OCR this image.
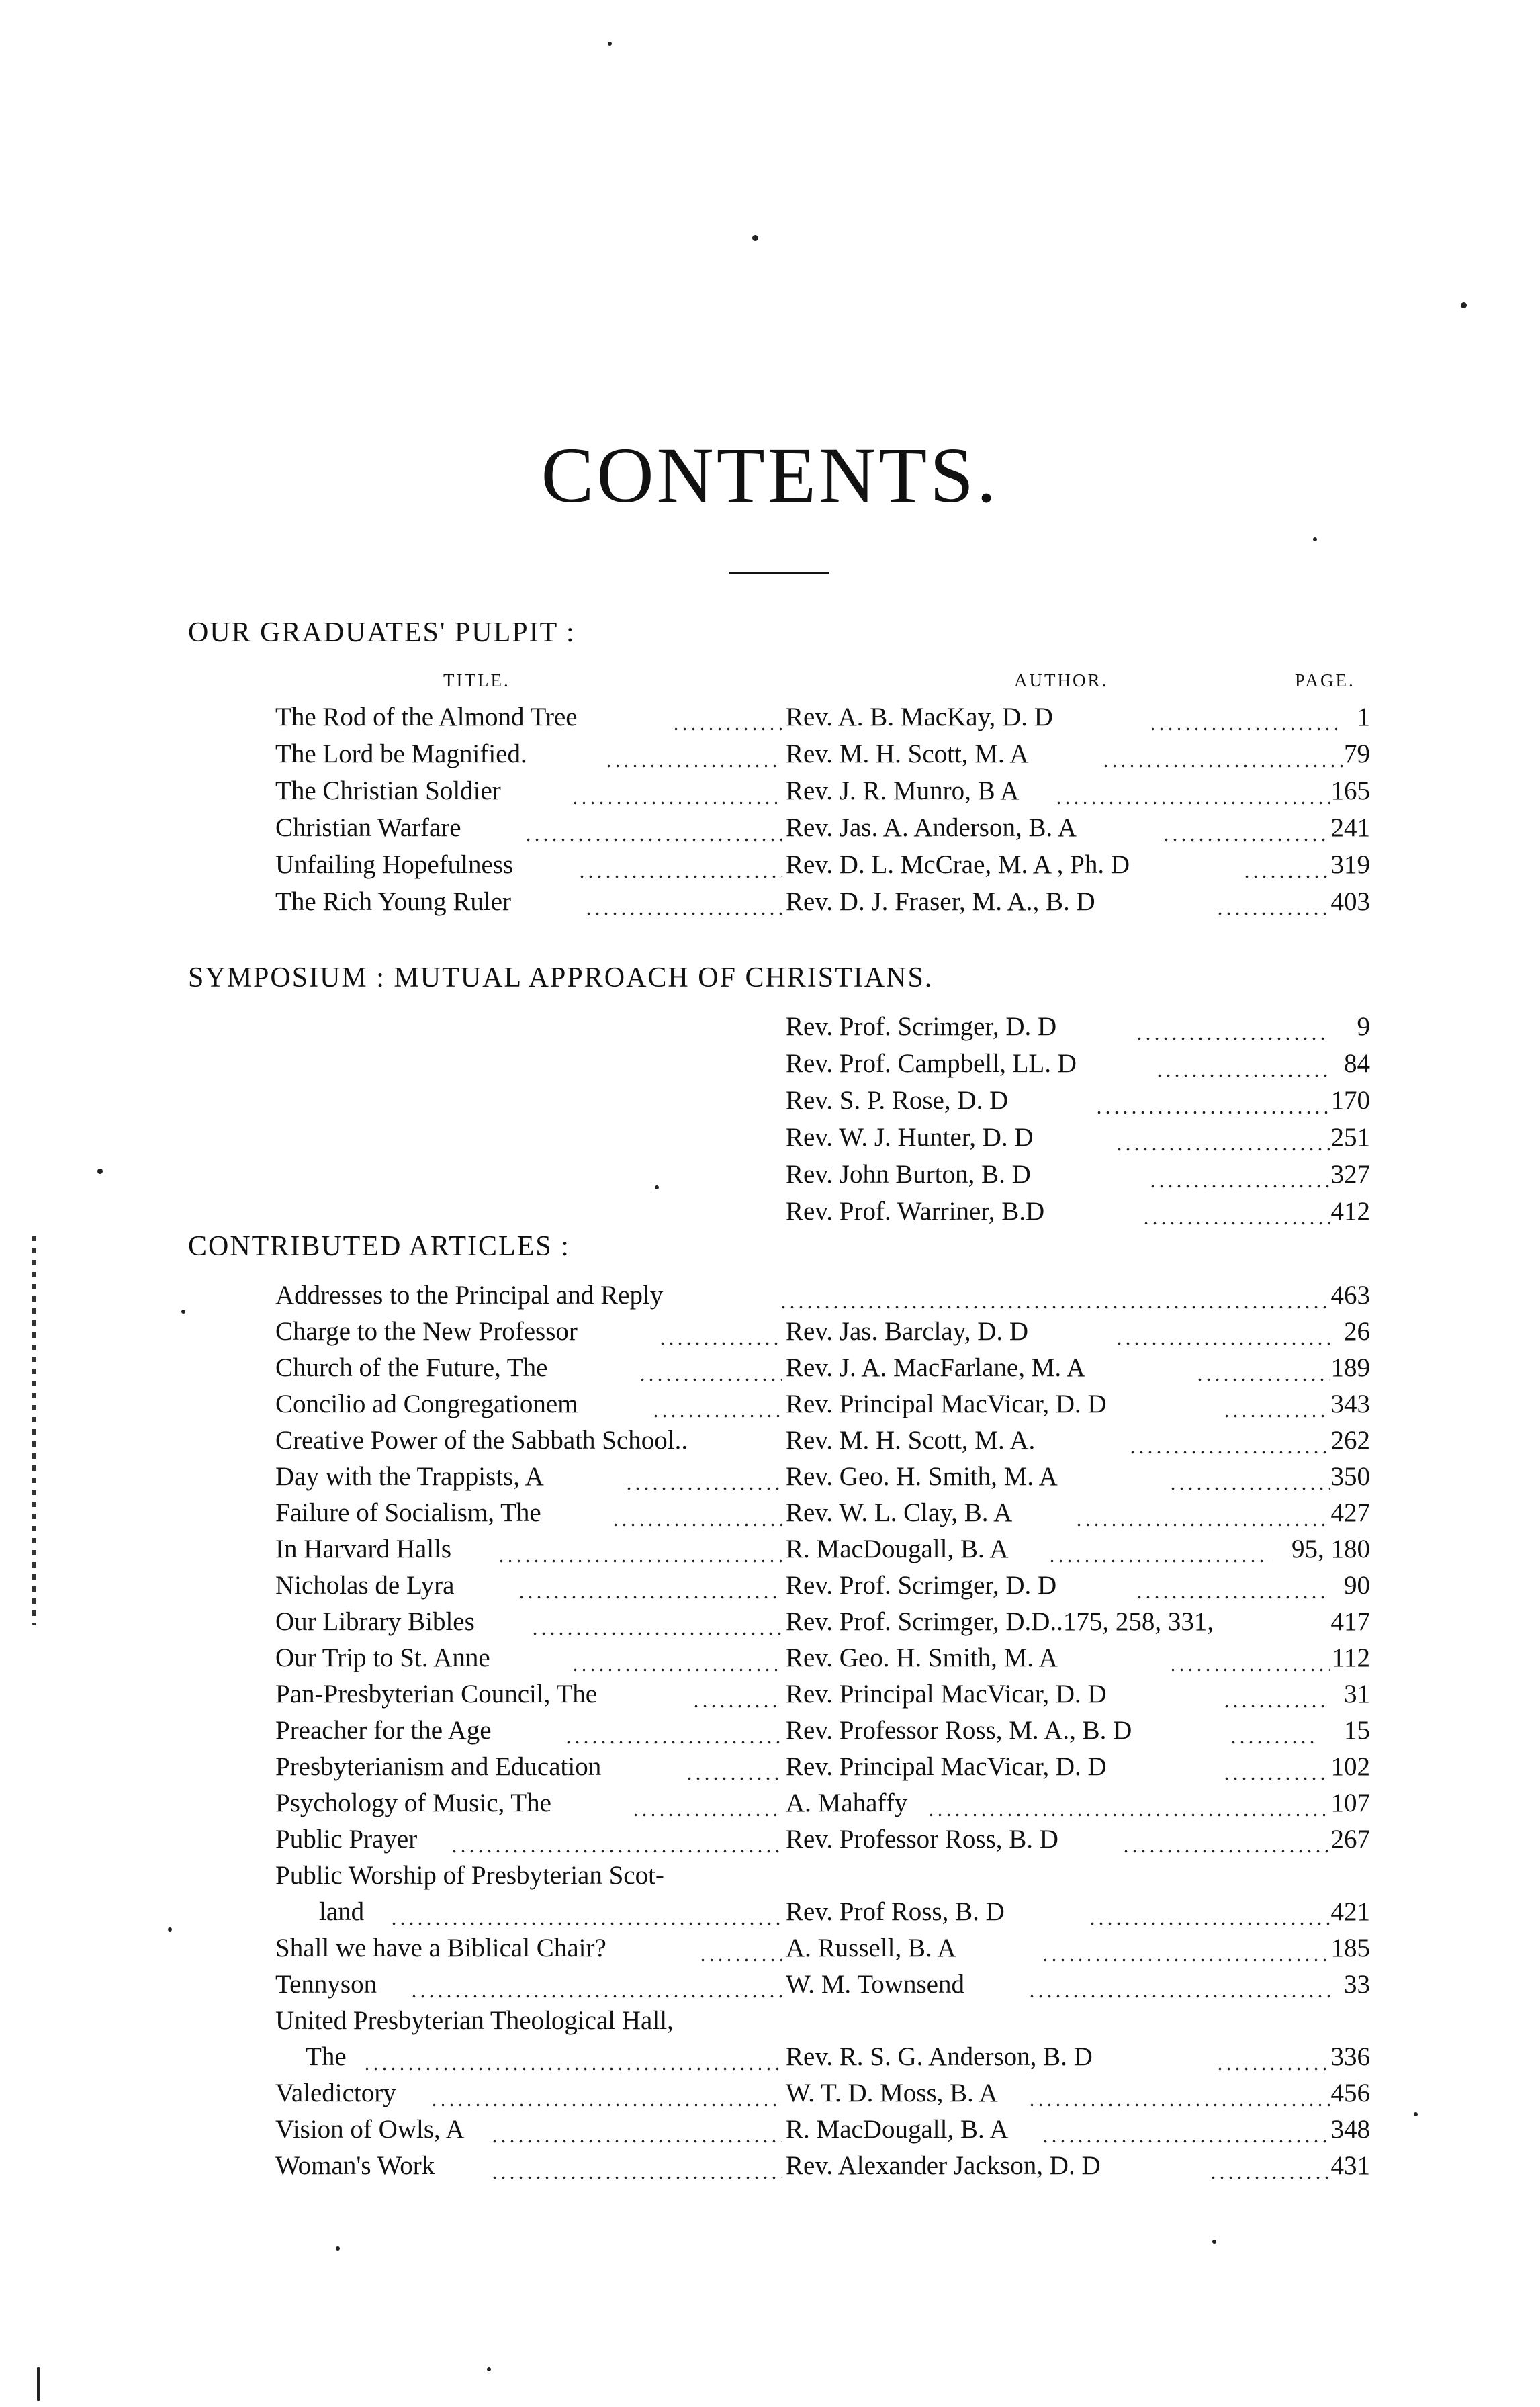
CONTENTS.
OUR GRADUATES' PULPIT :
TITLE.	AUTHOR.	PAGE.
The Rod of the Almond Tree	Rev. A. B. MacKay, D. D	1
The Lord be Magnified.	Rev. M. H. Scott, M. A	79
The Christian Soldier	Rev. J. R. Munro, B A	165
Christian Warfare	Rev. Jas. A. Anderson, B. A	241
Unfailing Hopefulness	Rev. D. L. McCrae, M. A , Ph. D	319
The Rich Young Ruler	Rev. D. J. Fraser, M. A., B. D	403
SYMPOSIUM : MUTUAL APPROACH OF CHRISTIANS.
Rev. Prof. Scrimger, D. D	9
Rev. Prof. Campbell, LL. D	84
Rev. S. P. Rose, D. D	170
Rev. W. J. Hunter, D. D	251
Rev. John Burton, B. D	327
Rev. Prof. Warriner, B.D	412
CONTRIBUTED ARTICLES :
Addresses to the Principal and Reply	463
Charge to the New Professor	Rev. Jas. Barclay, D. D	26
Church of the Future, The	Rev. J. A. MacFarlane, M. A	189
Concilio ad Congregationem	Rev. Principal MacVicar, D. D	343
Creative Power of the Sabbath School..	Rev. M. H. Scott, M. A.	262
Day with the Trappists, A	Rev. Geo. H. Smith, M. A	350
Failure of Socialism, The	Rev. W. L. Clay, B. A	427
In Harvard Halls	R. MacDougall, B. A	95, 180
Nicholas de Lyra	Rev. Prof. Scrimger, D. D	90
Our Library Bibles	Rev. Prof. Scrimger, D.D..175, 258, 331,	417
Our Trip to St. Anne	Rev. Geo. H. Smith, M. A	112
Pan-Presbyterian Council, The	Rev. Principal MacVicar, D. D	31
Preacher for the Age	Rev. Professor Ross, M. A., B. D	15
Presbyterianism and Education	Rev. Principal MacVicar, D. D	102
Psychology of Music, The	A. Mahaffy	107
Public Prayer	Rev. Professor Ross, B. D	267
Public Worship of Presbyterian Scot-
land	Rev. Prof Ross, B. D	421
Shall we have a Biblical Chair?	A. Russell, B. A	185
Tennyson	W. M. Townsend	33
United Presbyterian Theological Hall,
The	Rev. R. S. G. Anderson, B. D	336
Valedictory	W. T. D. Moss, B. A	456
Vision of Owls, A	R. MacDougall, B. A	348
Woman's Work	Rev. Alexander Jackson, D. D	431
